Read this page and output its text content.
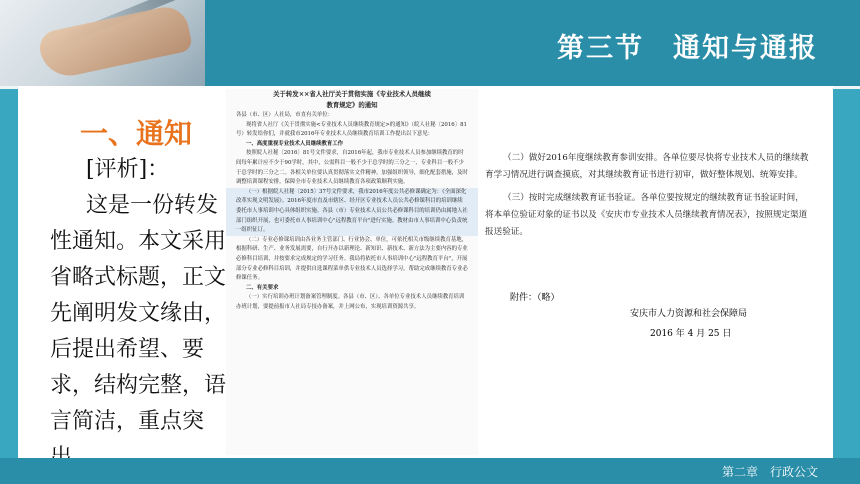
第三节　通知与通报
一、通知
[评析]：
这是一份转发性通知。本文采用省略式标题，正文先阐明发文缘由，后提出希望、要求，结构完整，语言简洁，重点突
关于转发××省人社厅关于贯彻实施《专业技术人员继续
教育规定》的通知

各县（市、区）人社局，市直有关单位：

现将省人社厅《关于贯彻实施<专业技术人员继续教育规定>的通知》（皖人社秘〔2016〕81号）转发给你们，并就我市2016年专业技术人员继续教育培训工作提出以下意见：

一、高度重视专业技术人员继续教育工作

按照皖人社秘〔2016〕81号文件要求，自2016年起，我市专业技术人员参加继续教育的时间每年累计应不少于90学时，其中，公需科目一般不少于总学时的三分之一，专业科目一般不少于总学时的三分之二。各相关单位要认真贯彻落实文件精神，加强组织领导，细化配套措施，及时调整培训课程安排，保障全市专业技术人员继续教育各项政策顺利实施。

（一）根据皖人社秘〔2015〕37号文件要求，我市2016年度公共必修课确定为：《全面深化改革实现文明发展》。2016年度市直及市辖区、经开区专业技术人员公共必修课科目的培训继续委托市人事培训中心具体组织实施。各县（市）专业技术人员公共必修课科目的培训仍由属地人社部门组织开展，也可委托市人事培训中心"远程教育平台"进行实施。教材由市人事培训中心负责统一组织征订。

（二）专业必修课培训由各业务主管部门、行业协会、单位，可依托相关市级继续教育基地，根据科研、生产、业务发展需要，自行开办以新理论、新知识、新技术、新方法为主要内容的专业必修科目培训，并按要求完成规定的学习任务。我局将依托市人事培训中心"远程教育平台"，开展部分专业必修科目培训，并提供自选课程菜单供专业技术人员选择学习，帮助完成继续教育专业必修课任务。

二、有关要求

（一）实行培训办班计划备案管理制度。各县（市、区）、各单位专业技术人员继续教育培训办班计划，要提前报市人社局专技办备案，并上网公布，实现培训资源共享。

（二）做好2016年度继续教育参训安排。各单位要尽快将专业技术人员的继续教育学习情况进行调查摸底，对其继续教育证书进行初审，做好整体规划、统筹安排。

（三）按时完成继续教育证书验证。各单位要按规定的继续教育证书验证时间，将本单位验证对象的证书以及《安庆市专业技术人员继续教育情况表》，按照规定渠道报送验证。

附件：（略）
安庆市人力资源和社会保障局
2016 年 4 月 25 日
第二章　行政公文
